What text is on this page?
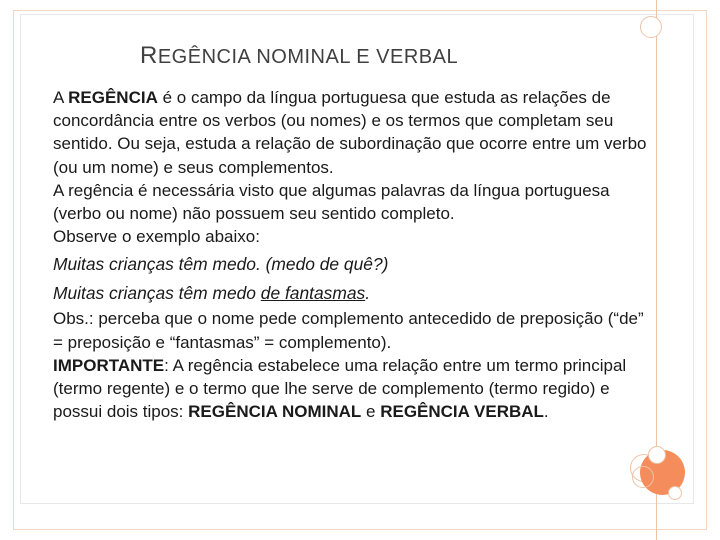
REGÊNCIA NOMINAL E VERBAL

A REGÊNCIA é o campo da língua portuguesa que estuda as relações de concordância entre os verbos (ou nomes) e os termos que completam seu sentido. Ou seja, estuda a relação de subordinação que ocorre entre um verbo (ou um nome) e seus complementos.

A regência é necessária visto que algumas palavras da língua portuguesa (verbo ou nome) não possuem seu sentido completo.

Observe o exemplo abaixo:

Muitas crianças têm medo. (medo de quê?)

Muitas crianças têm medo de fantasmas.

Obs.: perceba que o nome pede complemento antecedido de preposição (“de” = preposição e “fantasmas” = complemento).

IMPORTANTE: A regência estabelece uma relação entre um termo principal (termo regente) e o termo que lhe serve de complemento (termo regido) e possui dois tipos: REGÊNCIA NOMINAL e REGÊNCIA VERBAL.
